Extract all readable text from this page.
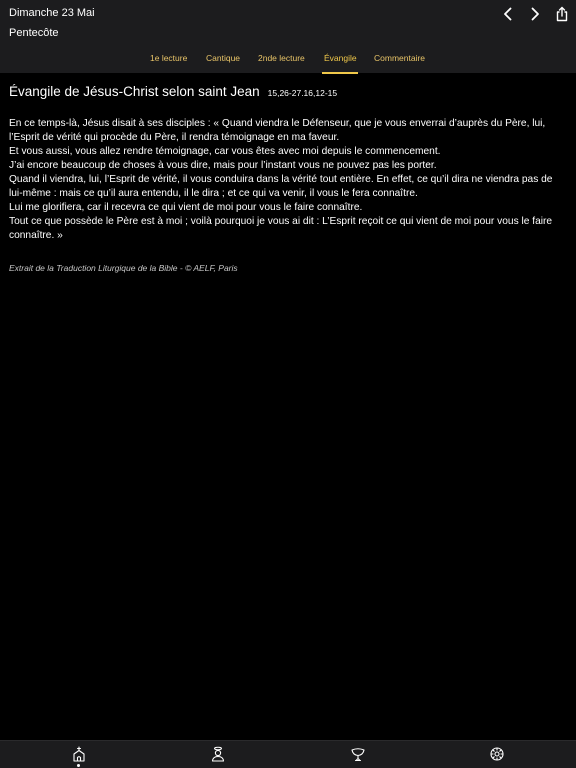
Dimanche 23 Mai
Pentecôte
1e lecture Cantique 2nde lecture Évangile Commentaire
Évangile de Jésus-Christ selon saint Jean 15,26-27.16,12-15

En ce temps-là, Jésus disait à ses disciples : « Quand viendra le Défenseur, que je vous enverrai d’auprès du Père, lui, l’Esprit de vérité qui procède du Père, il rendra témoignage en ma faveur.

Et vous aussi, vous allez rendre témoignage, car vous êtes avec moi depuis le commencement.

J’ai encore beaucoup de choses à vous dire, mais pour l’instant vous ne pouvez pas les porter.

Quand il viendra, lui, l’Esprit de vérité, il vous conduira dans la vérité tout entière. En effet, ce qu’il dira ne viendra pas de lui-même : mais ce qu’il aura entendu, il le dira ; et ce qui va venir, il vous le fera connaître.

Lui me glorifiera, car il recevra ce qui vient de moi pour vous le faire connaître.

Tout ce que possède le Père est à moi ; voilà pourquoi je vous ai dit : L’Esprit reçoit ce qui vient de moi pour vous le faire connaître. »

Extrait de la Traduction Liturgique de la Bible - © AELF, Paris
